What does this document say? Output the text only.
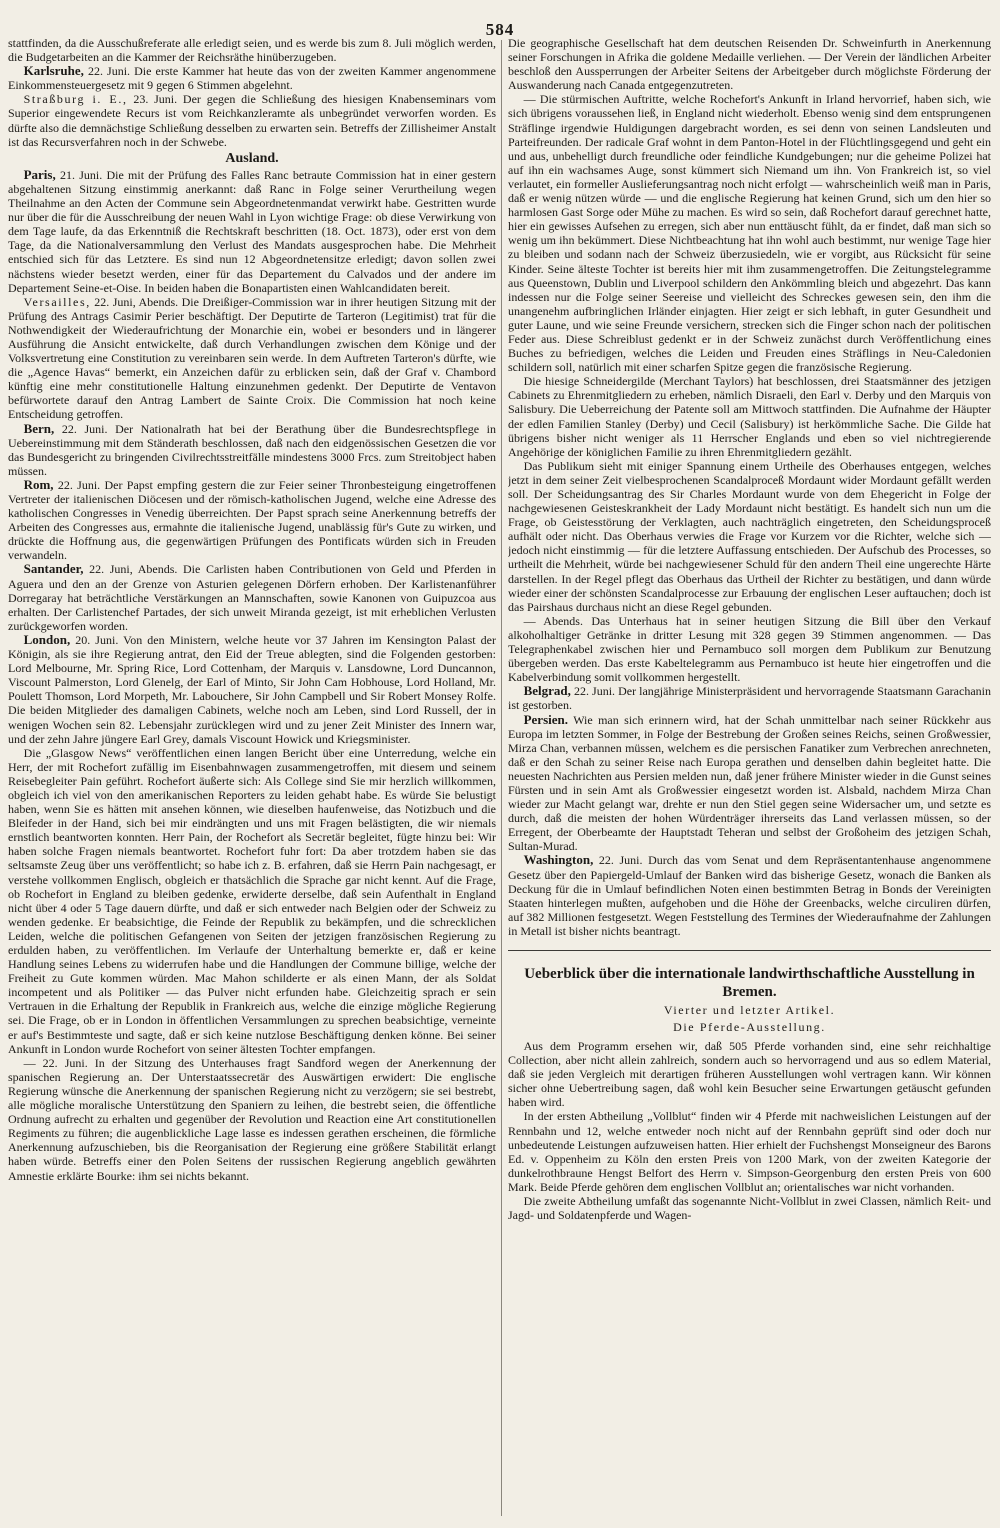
584

stattfinden, da die Ausschußreferate alle erledigt seien, und es werde bis zum 8. Juli möglich werden, die Budgetarbeiten an die Kammer der Reichsräthe hinüberzugeben.

Karlsruhe, 22. Juni. Die erste Kammer hat heute das von der zweiten Kammer angenommene Einkommensteuergesetz mit 9 gegen 6 Stimmen abgelehnt.

Straßburg i. E., 23. Juni. Der gegen die Schließung des hiesigen Knabenseminars vom Superior eingewendete Recurs ist vom Reichkanzleramte als unbegründet verworfen worden. Es dürfte also die demnächstige Schließung desselben zu erwarten sein. Betreffs der Zillisheimer Anstalt ist das Recursverfahren noch in der Schwebe.

Ausland.

Paris, 21. Juni. Die mit der Prüfung des Falles Ranc betraute Commission hat in einer gestern abgehaltenen Sitzung einstimmig anerkannt: daß Ranc in Folge seiner Verurtheilung wegen Theilnahme an den Acten der Commune sein Abgeordnetenmandat verwirkt habe. Gestritten wurde nur über die für die Ausschreibung der neuen Wahl in Lyon wichtige Frage: ob diese Verwirkung von dem Tage laufe, da das Erkenntniß die Rechtskraft beschritten (18. Oct. 1873), oder erst von dem Tage, da die Nationalversammlung den Verlust des Mandats ausgesprochen habe. Die Mehrheit entschied sich für das Letztere. Es sind nun 12 Abgeordnetensitze erledigt; davon sollen zwei nächstens wieder besetzt werden, einer für das Departement du Calvados und der andere im Departement Seine-et-Oise. In beiden haben die Bonapartisten einen Wahlcandidaten bereit.

Versailles, 22. Juni, Abends. Die Dreißiger-Commission war in ihrer heutigen Sitzung mit der Prüfung des Antrags Casimir Perier beschäftigt. Der Deputirte de Tarteron (Legitimist) trat für die Nothwendigkeit der Wiederaufrichtung der Monarchie ein, wobei er besonders und in längerer Ausführung die Ansicht entwickelte, daß durch Verhandlungen zwischen dem Könige und der Volksvertretung eine Constitution zu vereinbaren sein werde. In dem Auftreten Tarteron's dürfte, wie die „Agence Havas“ bemerkt, ein Anzeichen dafür zu erblicken sein, daß der Graf v. Chambord künftig eine mehr constitutionelle Haltung einzunehmen gedenkt. Der Deputirte de Ventavon befürwortete darauf den Antrag Lambert de Sainte Croix. Die Commission hat noch keine Entscheidung getroffen.

Bern, 22. Juni. Der Nationalrath hat bei der Berathung über die Bundesrechtspflege in Uebereinstimmung mit dem Ständerath beschlossen, daß nach den eidgenössischen Gesetzen die vor das Bundesgericht zu bringenden Civilrechtsstreitfälle mindestens 3000 Frcs. zum Streitobject haben müssen.

Rom, 22. Juni. Der Papst empfing gestern die zur Feier seiner Thronbesteigung eingetroffenen Vertreter der italienischen Diöcesen und der römisch-katholischen Jugend, welche eine Adresse des katholischen Congresses in Venedig überreichten. Der Papst sprach seine Anerkennung betreffs der Arbeiten des Congresses aus, ermahnte die italienische Jugend, unablässig für's Gute zu wirken, und drückte die Hoffnung aus, die gegenwärtigen Prüfungen des Pontificats würden sich in Freuden verwandeln.

Santander, 22. Juni, Abends. Die Carlisten haben Contributionen von Geld und Pferden in Aguera und den an der Grenze von Asturien gelegenen Dörfern erhoben. Der Karlistenanführer Dorregaray hat beträchtliche Verstärkungen an Mannschaften, sowie Kanonen von Guipuzcoa aus erhalten. Der Carlistenchef Partades, der sich unweit Miranda gezeigt, ist mit erheblichen Verlusten zurückgeworfen worden.

London, 20. Juni. Von den Ministern, welche heute vor 37 Jahren im Kensington Palast der Königin, als sie ihre Regierung antrat, den Eid der Treue ablegten, sind die Folgenden gestorben: Lord Melbourne, Mr. Spring Rice, Lord Cottenham, der Marquis v. Lansdowne, Lord Duncannon, Viscount Palmerston, Lord Glenelg, der Earl of Minto, Sir John Cam Hobhouse, Lord Holland, Mr. Poulett Thomson, Lord Morpeth, Mr. Labouchere, Sir John Campbell und Sir Robert Monsey Rolfe. Die beiden Mitglieder des damaligen Cabinets, welche noch am Leben, sind Lord Russell, der in wenigen Wochen sein 82. Lebensjahr zurücklegen wird und zu jener Zeit Minister des Innern war, und der zehn Jahre jüngere Earl Grey, damals Viscount Howick und Kriegsminister.

Die „Glasgow News“ veröffentlichen einen langen Bericht über eine Unterredung, welche ein Herr, der mit Rochefort zufällig im Eisenbahnwagen zusammengetroffen, mit diesem und seinem Reisebegleiter Pain geführt. Rochefort äußerte sich: Als College sind Sie mir herzlich willkommen, obgleich ich viel von den amerikanischen Reporters zu leiden gehabt habe. Es würde Sie belustigt haben, wenn Sie es hätten mit ansehen können, wie dieselben haufenweise, das Notizbuch und die Bleifeder in der Hand, sich bei mir eindrängten und uns mit Fragen belästigten, die wir niemals ernstlich beantworten konnten. Herr Pain, der Rochefort als Secretär begleitet, fügte hinzu bei: Wir haben solche Fragen niemals beantwortet. Rochefort fuhr fort: Da aber trotzdem haben sie das seltsamste Zeug über uns veröffentlicht; so habe ich z. B. erfahren, daß sie Herrn Pain nachgesagt, er verstehe vollkommen Englisch, obgleich er thatsächlich die Sprache gar nicht kennt. Auf die Frage, ob Rochefort in England zu bleiben gedenke, erwiderte derselbe, daß sein Aufenthalt in England nicht über 4 oder 5 Tage dauern dürfte, und daß er sich entweder nach Belgien oder der Schweiz zu wenden gedenke. Er beabsichtige, die Feinde der Republik zu bekämpfen, und die schrecklichen Leiden, welche die politischen Gefangenen von Seiten der jetzigen französischen Regierung zu erdulden haben, zu veröffentlichen. Im Verlaufe der Unterhaltung bemerkte er, daß er keine Handlung seines Lebens zu widerrufen habe und die Handlungen der Commune billige, welche der Freiheit zu Gute kommen würden. Mac Mahon schilderte er als einen Mann, der als Soldat incompetent und als Politiker — das Pulver nicht erfunden habe. Gleichzeitig sprach er sein Vertrauen in die Erhaltung der Republik in Frankreich aus, welche die einzige mögliche Regierung sei. Die Frage, ob er in London in öffentlichen Versammlungen zu sprechen beabsichtige, verneinte er auf's Bestimmteste und sagte, daß er sich keine nutzlose Beschäftigung denken könne. Bei seiner Ankunft in London wurde Rochefort von seiner ältesten Tochter empfangen.

— 22. Juni. In der Sitzung des Unterhauses fragt Sandford wegen der Anerkennung der spanischen Regierung an. Der Unterstaatssecretär des Auswärtigen erwidert: Die englische Regierung wünsche die Anerkennung der spanischen Regierung nicht zu verzögern; sie sei bestrebt, alle mögliche moralische Unterstützung den Spaniern zu leihen, die bestrebt seien, die öffentliche Ordnung aufrecht zu erhalten und gegenüber der Revolution und Reaction eine Art constitutionellen Regiments zu führen; die augenblickliche Lage lasse es indessen gerathen erscheinen, die förmliche Anerkennung aufzuschieben, bis die Reorganisation der Regierung eine größere Stabilität erlangt haben würde. Betreffs einer den Polen Seitens der russischen Regierung angeblich gewährten Amnestie erklärte Bourke: ihm sei nichts bekannt.

Die geographische Gesellschaft hat dem deutschen Reisenden Dr. Schweinfurth in Anerkennung seiner Forschungen in Afrika die goldene Medaille verliehen. — Der Verein der ländlichen Arbeiter beschloß den Aussperrungen der Arbeiter Seitens der Arbeitgeber durch möglichste Förderung der Auswanderung nach Canada entgegenzutreten.

— Die stürmischen Auftritte, welche Rochefort's Ankunft in Irland hervorrief, haben sich, wie sich übrigens voraussehen ließ, in England nicht wiederholt. Ebenso wenig sind dem entsprungenen Sträflinge irgendwie Huldigungen dargebracht worden, es sei denn von seinen Landsleuten und Parteifreunden. Der radicale Graf wohnt in dem Panton-Hotel in der Flüchtlingsgegend und geht ein und aus, unbehelligt durch freundliche oder feindliche Kundgebungen; nur die geheime Polizei hat auf ihn ein wachsames Auge, sonst kümmert sich Niemand um ihn. Von Frankreich ist, so viel verlautet, ein formeller Auslieferungsantrag noch nicht erfolgt — wahrscheinlich weiß man in Paris, daß er wenig nützen würde — und die englische Regierung hat keinen Grund, sich um den hier so harmlosen Gast Sorge oder Mühe zu machen. Es wird so sein, daß Rochefort darauf gerechnet hatte, hier ein gewisses Aufsehen zu erregen, sich aber nun enttäuscht fühlt, da er findet, daß man sich so wenig um ihn bekümmert. Diese Nichtbeachtung hat ihn wohl auch bestimmt, nur wenige Tage hier zu bleiben und sodann nach der Schweiz überzusiedeln, wie er vorgibt, aus Rücksicht für seine Kinder. Seine älteste Tochter ist bereits hier mit ihm zusammengetroffen. Die Zeitungstelegramme aus Queenstown, Dublin und Liverpool schildern den Ankömmling bleich und abgezehrt. Das kann indessen nur die Folge seiner Seereise und vielleicht des Schreckes gewesen sein, den ihm die unangenehm aufbringlichen Irländer einjagten. Hier zeigt er sich lebhaft, in guter Gesundheit und guter Laune, und wie seine Freunde versichern, strecken sich die Finger schon nach der politischen Feder aus. Diese Schreiblust gedenkt er in der Schweiz zunächst durch Veröffentlichung eines Buches zu befriedigen, welches die Leiden und Freuden eines Sträflings in Neu-Caledonien schildern soll, natürlich mit einer scharfen Spitze gegen die französische Regierung.

Die hiesige Schneidergilde (Merchant Taylors) hat beschlossen, drei Staatsmänner des jetzigen Cabinets zu Ehrenmitgliedern zu erheben, nämlich Disraeli, den Earl v. Derby und den Marquis von Salisbury. Die Ueberreichung der Patente soll am Mittwoch stattfinden. Die Aufnahme der Häupter der edlen Familien Stanley (Derby) und Cecil (Salisbury) ist herkömmliche Sache. Die Gilde hat übrigens bisher nicht weniger als 11 Herrscher Englands und eben so viel nichtregierende Angehörige der königlichen Familie zu ihren Ehrenmitgliedern gezählt.

Das Publikum sieht mit einiger Spannung einem Urtheile des Oberhauses entgegen, welches jetzt in dem seiner Zeit vielbesprochenen Scandalproceß Mordaunt wider Mordaunt gefällt werden soll. Der Scheidungsantrag des Sir Charles Mordaunt wurde von dem Ehegericht in Folge der nachgewiesenen Geisteskrankheit der Lady Mordaunt nicht bestätigt. Es handelt sich nun um die Frage, ob Geistesstörung der Verklagten, auch nachträglich eingetreten, den Scheidungsproceß aufhält oder nicht. Das Oberhaus verwies die Frage vor Kurzem vor die Richter, welche sich — jedoch nicht einstimmig — für die letztere Auffassung entschieden. Der Aufschub des Processes, so urtheilt die Mehrheit, würde bei nachgewiesener Schuld für den andern Theil eine ungerechte Härte darstellen. In der Regel pflegt das Oberhaus das Urtheil der Richter zu bestätigen, und dann würde wieder einer der schönsten Scandalprocesse zur Erbauung der englischen Leser auftauchen; doch ist das Pairshaus durchaus nicht an diese Regel gebunden.

— Abends. Das Unterhaus hat in seiner heutigen Sitzung die Bill über den Verkauf alkoholhaltiger Getränke in dritter Lesung mit 328 gegen 39 Stimmen angenommen. — Das Telegraphenkabel zwischen hier und Pernambuco soll morgen dem Publikum zur Benutzung übergeben werden. Das erste Kabeltelegramm aus Pernambuco ist heute hier eingetroffen und die Kabelverbindung somit vollkommen hergestellt.

Belgrad, 22. Juni. Der langjährige Ministerpräsident und hervorragende Staatsmann Garachanin ist gestorben.

Persien. Wie man sich erinnern wird, hat der Schah unmittelbar nach seiner Rückkehr aus Europa im letzten Sommer, in Folge der Bestrebung der Großen seines Reichs, seinen Großwessier, Mirza Chan, verbannen müssen, welchem es die persischen Fanatiker zum Verbrechen anrechneten, daß er den Schah zu seiner Reise nach Europa gerathen und denselben dahin begleitet hatte. Die neuesten Nachrichten aus Persien melden nun, daß jener frühere Minister wieder in die Gunst seines Fürsten und in sein Amt als Großwessier eingesetzt worden ist. Alsbald, nachdem Mirza Chan wieder zur Macht gelangt war, drehte er nun den Stiel gegen seine Widersacher um, und setzte es durch, daß die meisten der hohen Würdenträger ihrerseits das Land verlassen müssen, so der Erregent, der Oberbeamte der Hauptstadt Teheran und selbst der Großoheim des jetzigen Schah, Sultan-Murad.

Washington, 22. Juni. Durch das vom Senat und dem Repräsentantenhause angenommene Gesetz über den Papiergeld-Umlauf der Banken wird das bisherige Gesetz, wonach die Banken als Deckung für die in Umlauf befindlichen Noten einen bestimmten Betrag in Bonds der Vereinigten Staaten hinterlegen mußten, aufgehoben und die Höhe der Greenbacks, welche circuliren dürfen, auf 382 Millionen festgesetzt. Wegen Feststellung des Termines der Wiederaufnahme der Zahlungen in Metall ist bisher nichts beantragt.

Ueberblick über die internationale landwirthschaftliche Ausstellung in Bremen.
Vierter und letzter Artikel.
Die Pferde-Ausstellung.

Aus dem Programm ersehen wir, daß 505 Pferde vorhanden sind, eine sehr reichhaltige Collection, aber nicht allein zahlreich, sondern auch so hervorragend und aus so edlem Material, daß sie jeden Vergleich mit derartigen früheren Ausstellungen wohl vertragen kann. Wir können sicher ohne Uebertreibung sagen, daß wohl kein Besucher seine Erwartungen getäuscht gefunden haben wird.

In der ersten Abtheilung „Vollblut“ finden wir 4 Pferde mit nachweislichen Leistungen auf der Rennbahn und 12, welche entweder noch nicht auf der Rennbahn geprüft sind oder doch nur unbedeutende Leistungen aufzuweisen hatten. Hier erhielt der Fuchshengst Monseigneur des Barons Ed. v. Oppenheim zu Köln den ersten Preis von 1200 Mark, von der zweiten Kategorie der dunkelrothbraune Hengst Belfort des Herrn v. Simpson-Georgenburg den ersten Preis von 600 Mark. Beide Pferde gehören dem englischen Vollblut an; orientalisches war nicht vorhanden.

Die zweite Abtheilung umfaßt das sogenannte Nicht-Vollblut in zwei Classen, nämlich Reit- und Jagd- und Soldatenpferde und Wagen-
